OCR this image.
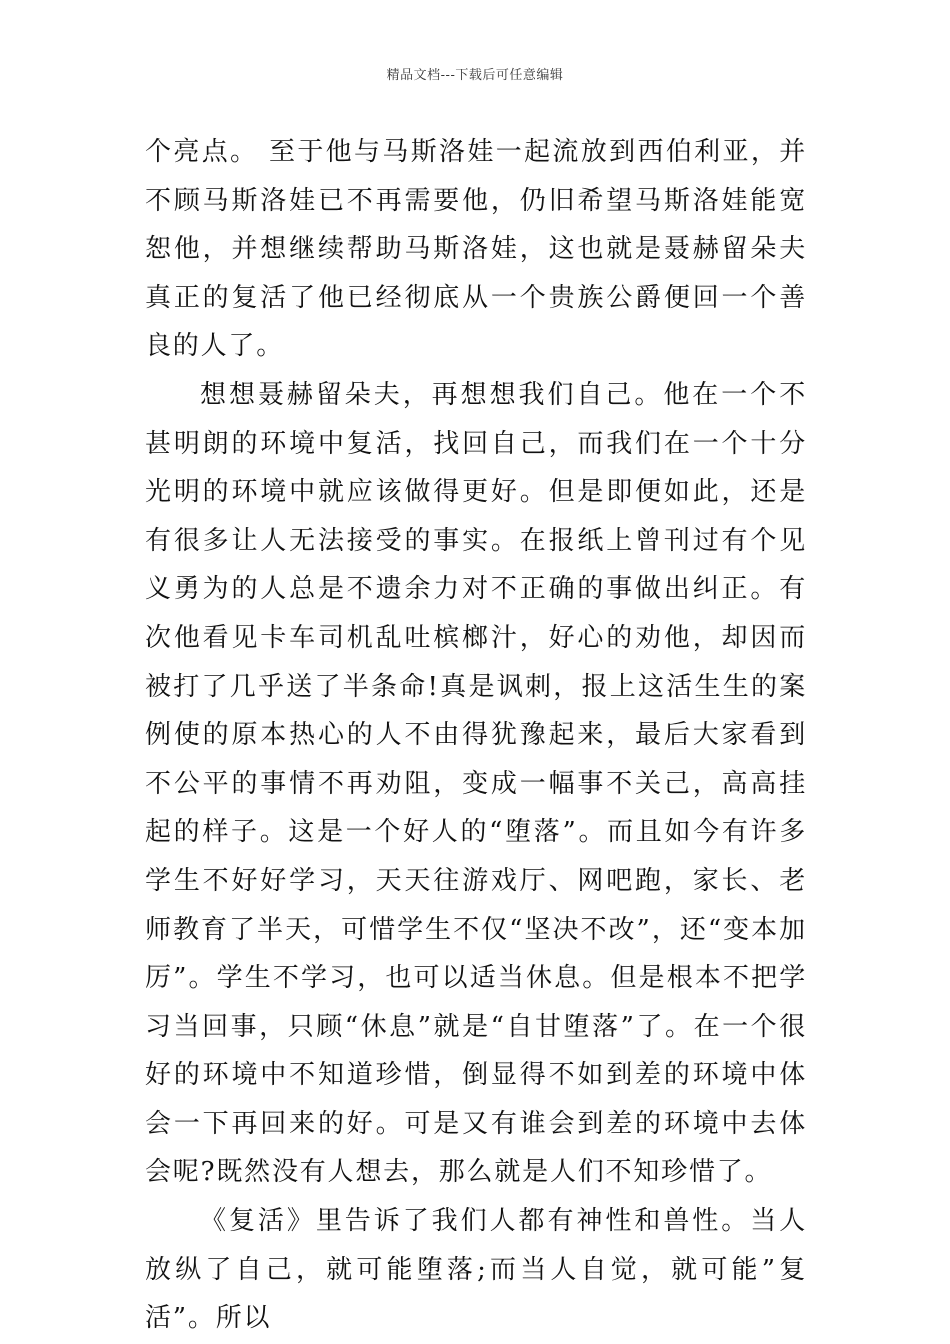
精品文档---下载后可任意编辑

个亮点。 至于他与马斯洛娃一起流放到西伯利亚，并不顾马斯洛娃已不再需要他，仍旧希望马斯洛娃能宽恕他，并想继续帮助马斯洛娃，这也就是聂赫留朵夫真正的复活了他已经彻底从一个贵族公爵便回一个善良的人了。

想想聂赫留朵夫，再想想我们自己。他在一个不甚明朗的环境中复活，找回自己，而我们在一个十分光明的环境中就应该做得更好。但是即便如此，还是有很多让人无法接受的事实。在报纸上曾刊过有个见义勇为的人总是不遗余力对不正确的事做出纠正。有次他看见卡车司机乱吐槟榔汁，好心的劝他，却因而被打了几乎送了半条命!真是讽刺，报上这活生生的案例使的原本热心的人不由得犹豫起来，最后大家看到不公平的事情不再劝阻，变成一幅事不关己，高高挂起的样子。这是一个好人的“堕落”。而且如今有许多学生不好好学习，天天往游戏厅、网吧跑，家长、老师教育了半天，可惜学生不仅“坚决不改”，还“变本加厉”。学生不学习，也可以适当休息。但是根本不把学习当回事，只顾“休息”就是“自甘堕落”了。在一个很好的环境中不知道珍惜，倒显得不如到差的环境中体会一下再回来的好。可是又有谁会到差的环境中去体会呢?既然没有人想去，那么就是人们不知珍惜了。

《复活》里告诉了我们人都有神性和兽性。当人放纵了自己，就可能堕落;而当人自觉，就可能”复活”。所以
